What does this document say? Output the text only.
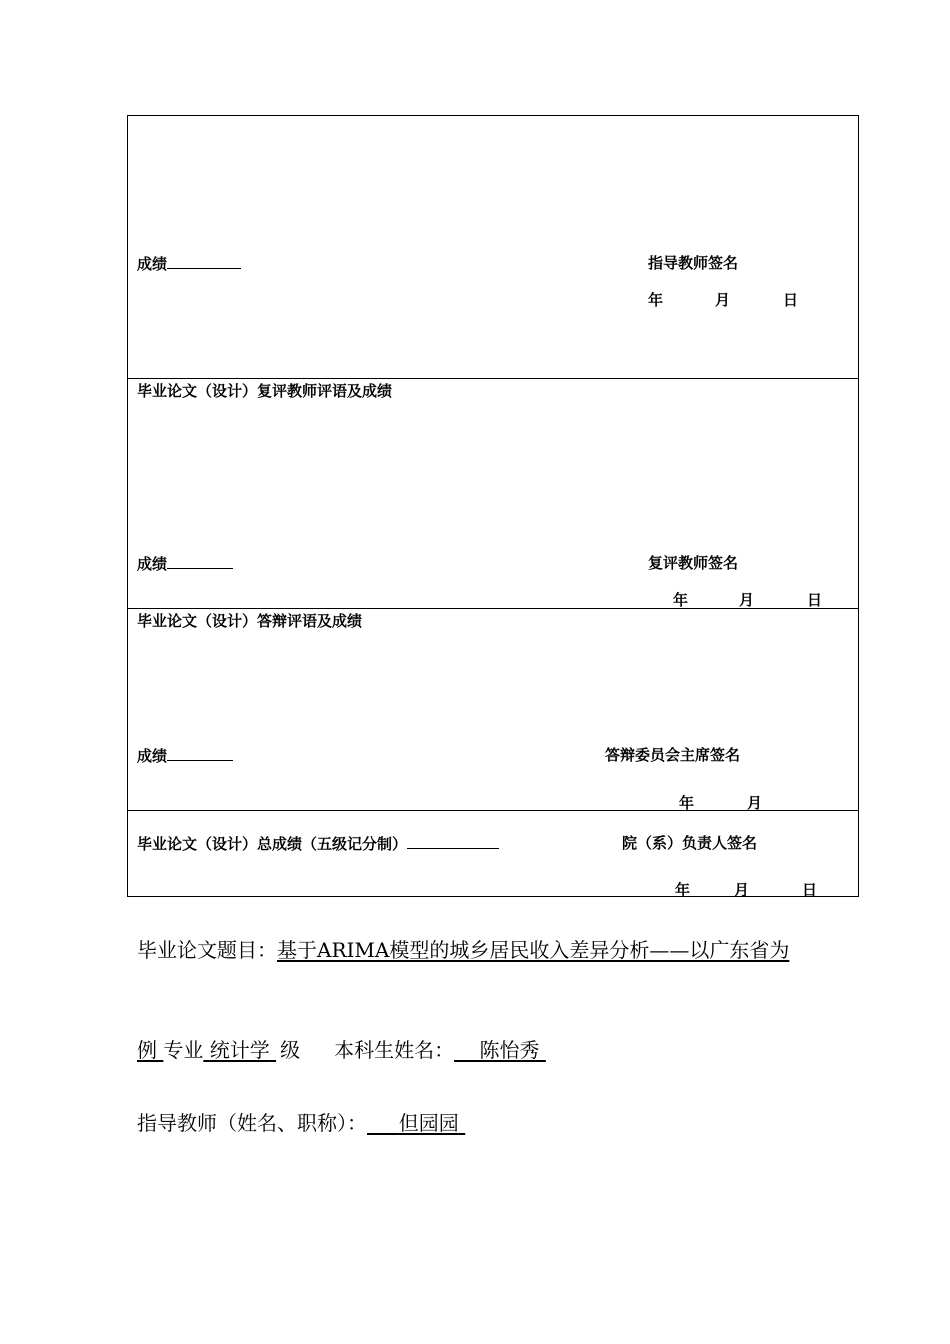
成绩	指导教师签名
年	月	日
毕业论文（设计）复评教师评语及成绩
成绩	复评教师签名
年	月	日
毕业论文（设计）答辩评语及成绩
成绩	答辩委员会主席签名
年	月
毕业论文（设计）总成绩（五级记分制）	院（系）负责人签名
年	月	日
毕业论文题目：基于ARIMA模型的城乡居民收入差异分析——以广东省为
例 专业 统计学 级 本科生姓名： 陈怡秀
指导教师（姓名、职称）： 但园园
